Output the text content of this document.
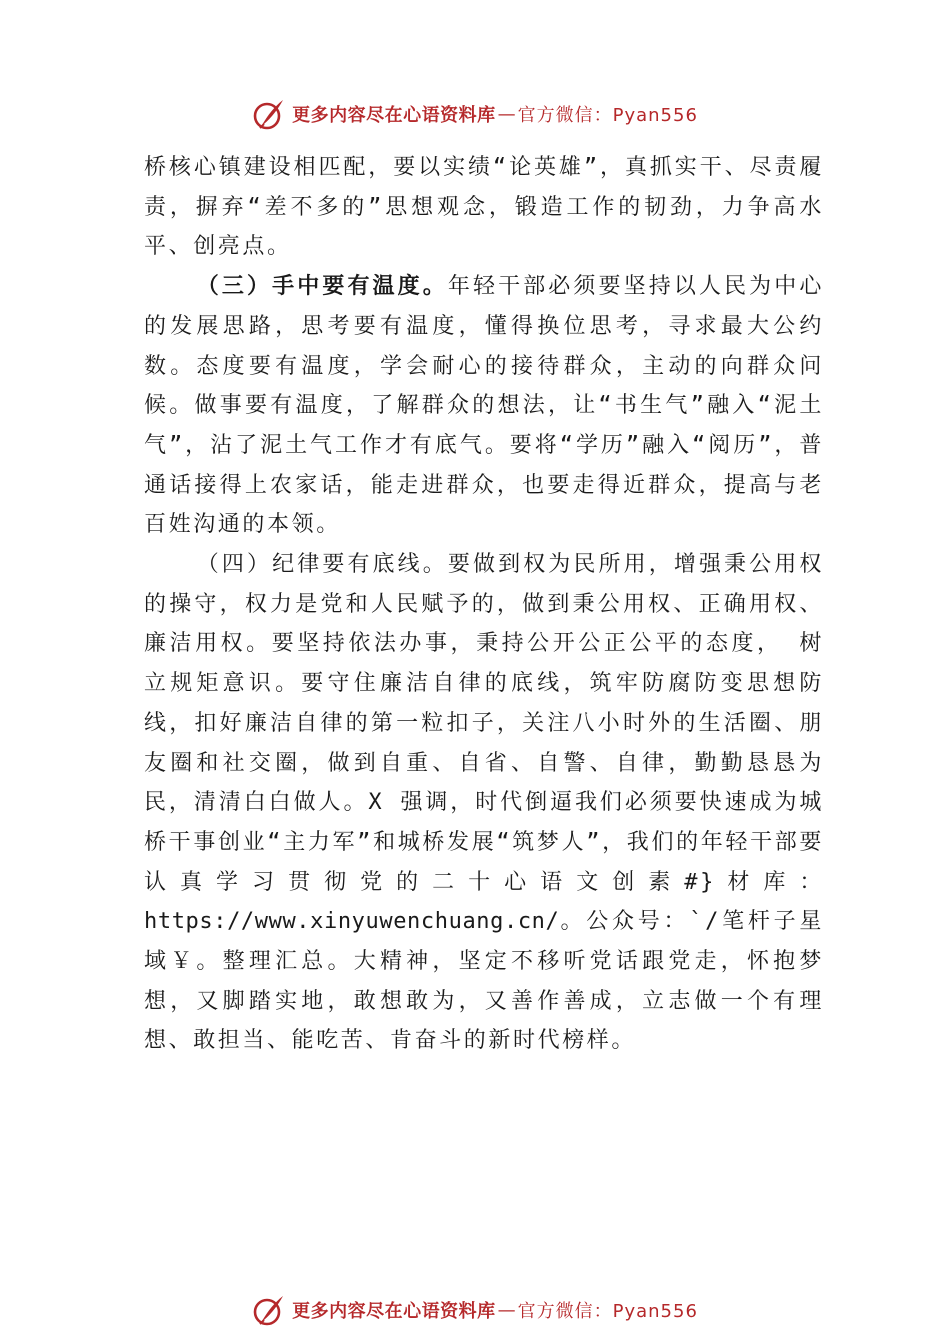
更多内容尽在心语资料库 — 官方微信：Pyan556

桥核心镇建设相匹配，要以实绩“论英雄”，真抓实干、尽责履责，摒弃“差不多的”思想观念，锻造工作的韧劲，力争高水平、创亮点。

（三）手中要有温度。年轻干部必须要坚持以人民为中心的发展思路，思考要有温度，懂得换位思考，寻求最大公约数。态度要有温度，学会耐心的接待群众，主动的向群众问候。做事要有温度，了解群众的想法，让“书生气”融入“泥土气”，沾了泥土气工作才有底气。要将“学历”融入“阅历”，普通话接得上农家话，能走进群众，也要走得近群众，提高与老百姓沟通的本领。

（四）纪律要有底线。要做到权为民所用，增强秉公用权的操守，权力是党和人民赋予的，做到秉公用权、正确用权、廉洁用权。要坚持依法办事，秉持公开公正公平的态度， 树立规矩意识。要守住廉洁自律的底线，筑牢防腐防变思想防线，扣好廉洁自律的第一粒扣子，关注八小时外的生活圈、朋友圈和社交圈，做到自重、自省、自警、自律，勤勤恳恳为民，清清白白做人。X 强调，时代倒逼我们必须要快速成为城桥干事创业“主力军”和城桥发展“筑梦人”，我们的年轻干部要认真学习贯彻党的二十心语文创素#}材库：https://www.xinyuwenchuang.cn/。公众号：`/笔杆子星域￥。整理汇总。大精神，坚定不移听党话跟党走，怀抱梦想，又脚踏实地，敢想敢为，又善作善成，立志做一个有理想、敢担当、能吃苦、肯奋斗的新时代榜样。

更多内容尽在心语资料库 — 官方微信：Pyan556
